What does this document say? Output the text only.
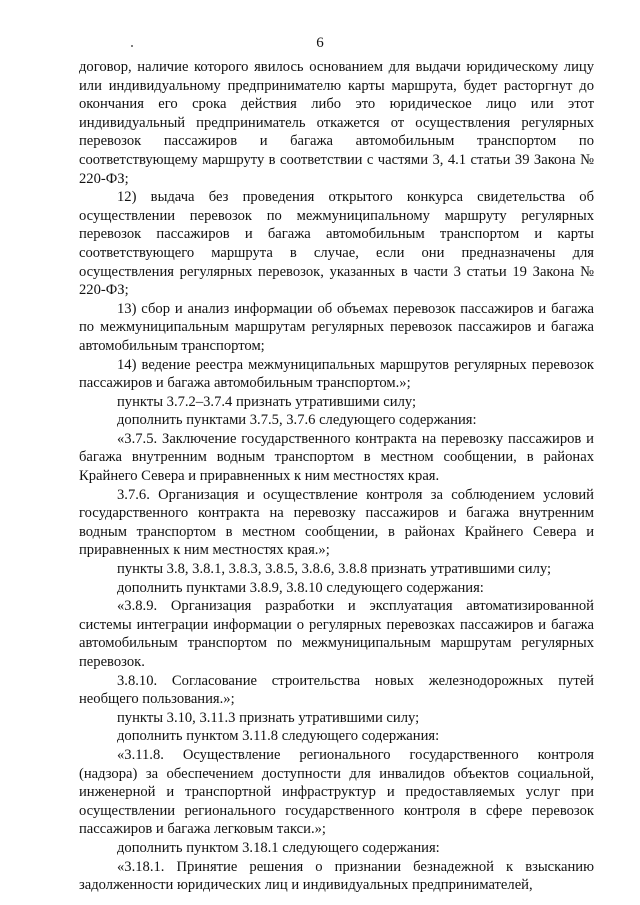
6

договор, наличие которого явилось основанием для выдачи юридическому лицу или индивидуальному предпринимателю карты маршрута, будет расторгнут до окончания его срока действия либо это юридическое лицо или этот индивидуальный предприниматель откажется от осуществления регулярных перевозок пассажиров и багажа автомобильным транспортом по соответствующему маршруту в соответствии с частями 3, 4.1 статьи 39 Закона № 220-ФЗ;

12) выдача без проведения открытого конкурса свидетельства об осуществлении перевозок по межмуниципальному маршруту регулярных перевозок пассажиров и багажа автомобильным транспортом и карты соответствующего маршрута в случае, если они предназначены для осуществления регулярных перевозок, указанных в части 3 статьи 19 Закона № 220-ФЗ;

13) сбор и анализ информации об объемах перевозок пассажиров и багажа по межмуниципальным маршрутам регулярных перевозок пассажиров и багажа автомобильным транспортом;

14) ведение реестра межмуниципальных маршрутов регулярных перевозок пассажиров и багажа автомобильным транспортом.»;

пункты 3.7.2–3.7.4 признать утратившими силу;

дополнить пунктами 3.7.5, 3.7.6 следующего содержания:

«3.7.5. Заключение государственного контракта на перевозку пассажиров и багажа внутренним водным транспортом в местном сообщении, в районах Крайнего Севера и приравненных к ним местностях края.

3.7.6. Организация и осуществление контроля за соблюдением условий государственного контракта на перевозку пассажиров и багажа внутренним водным транспортом в местном сообщении, в районах Крайнего Севера и приравненных к ним местностях края.»;

пункты 3.8, 3.8.1, 3.8.3, 3.8.5, 3.8.6, 3.8.8 признать утратившими силу;

дополнить пунктами 3.8.9, 3.8.10 следующего содержания:

«3.8.9. Организация разработки и эксплуатация автоматизированной системы интеграции информации о регулярных перевозках пассажиров и багажа автомобильным транспортом по межмуниципальным маршрутам регулярных перевозок.

3.8.10. Согласование строительства новых железнодорожных путей необщего пользования.»;

пункты 3.10, 3.11.3 признать утратившими силу;

дополнить пунктом 3.11.8 следующего содержания:

«3.11.8. Осуществление регионального государственного контроля (надзора) за обеспечением доступности для инвалидов объектов социальной, инженерной и транспортной инфраструктур и предоставляемых услуг при осуществлении регионального государственного контроля в сфере перевозок пассажиров и багажа легковым такси.»;

дополнить пунктом 3.18.1 следующего содержания:

«3.18.1. Принятие решения о признании безнадежной к взысканию задолженности юридических лиц и индивидуальных предпринимателей,
